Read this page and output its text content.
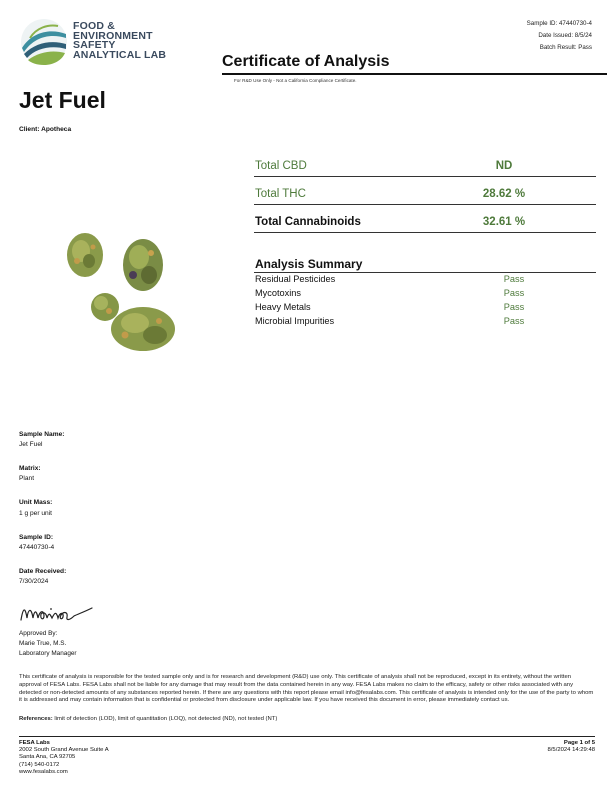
FOOD &
ENVIRONMENT
SAFETY
ANALYTICAL LAB	Certificate of Analysis
For R&D Use Only - Not a California Compliance Certificate.
Sample ID: 47440730-4
Date Issued: 8/5/24
Batch Result: Pass
Jet Fuel
Client: Apotheca
Total CBD	ND
Total THC	28.62 %
Total Cannabinoids	32.61 %
Analysis Summary
Residual Pesticides	Pass
Mycotoxins	Pass
Heavy Metals	Pass
Microbial Impurities	Pass
Sample Name:
Jet Fuel
Matrix:
Plant
Unit Mass:
1 g per unit
Sample ID:
47440730-4
Date Received:
7/30/2024
Approved By:
Marie True, M.S.
Laboratory Manager
This certificate of analysis is responsible for the tested sample only and is for research and development (R&D) use only. This certificate of analysis shall not be reproduced, except in its entirety, without the written approval of FESA Labs. FESA Labs shall not be liable for any damage that may result from the data contained herein in any way. FESA Labs makes no claim to the efficacy, safety or other risks associated with any detected or non-detected amounts of any substances reported herein. If there are any questions with this report please email info@fesalabs.com. This certificate of analysis is intended only for the use of the party to whom it is addressed and may contain information that is confidential or protected from disclosure under applicable law. If you have received this document in error, please immediately contact us.
References: limit of detection (LOD), limit of quantitation (LOQ), not detected (ND), not tested (NT)
FESA Labs
2002 South Grand Avenue Suite A
Santa Ana, CA 92705
(714) 540-0172
www.fesalabs.com
Page 1 of 5
8/5/2024 14:29:48
